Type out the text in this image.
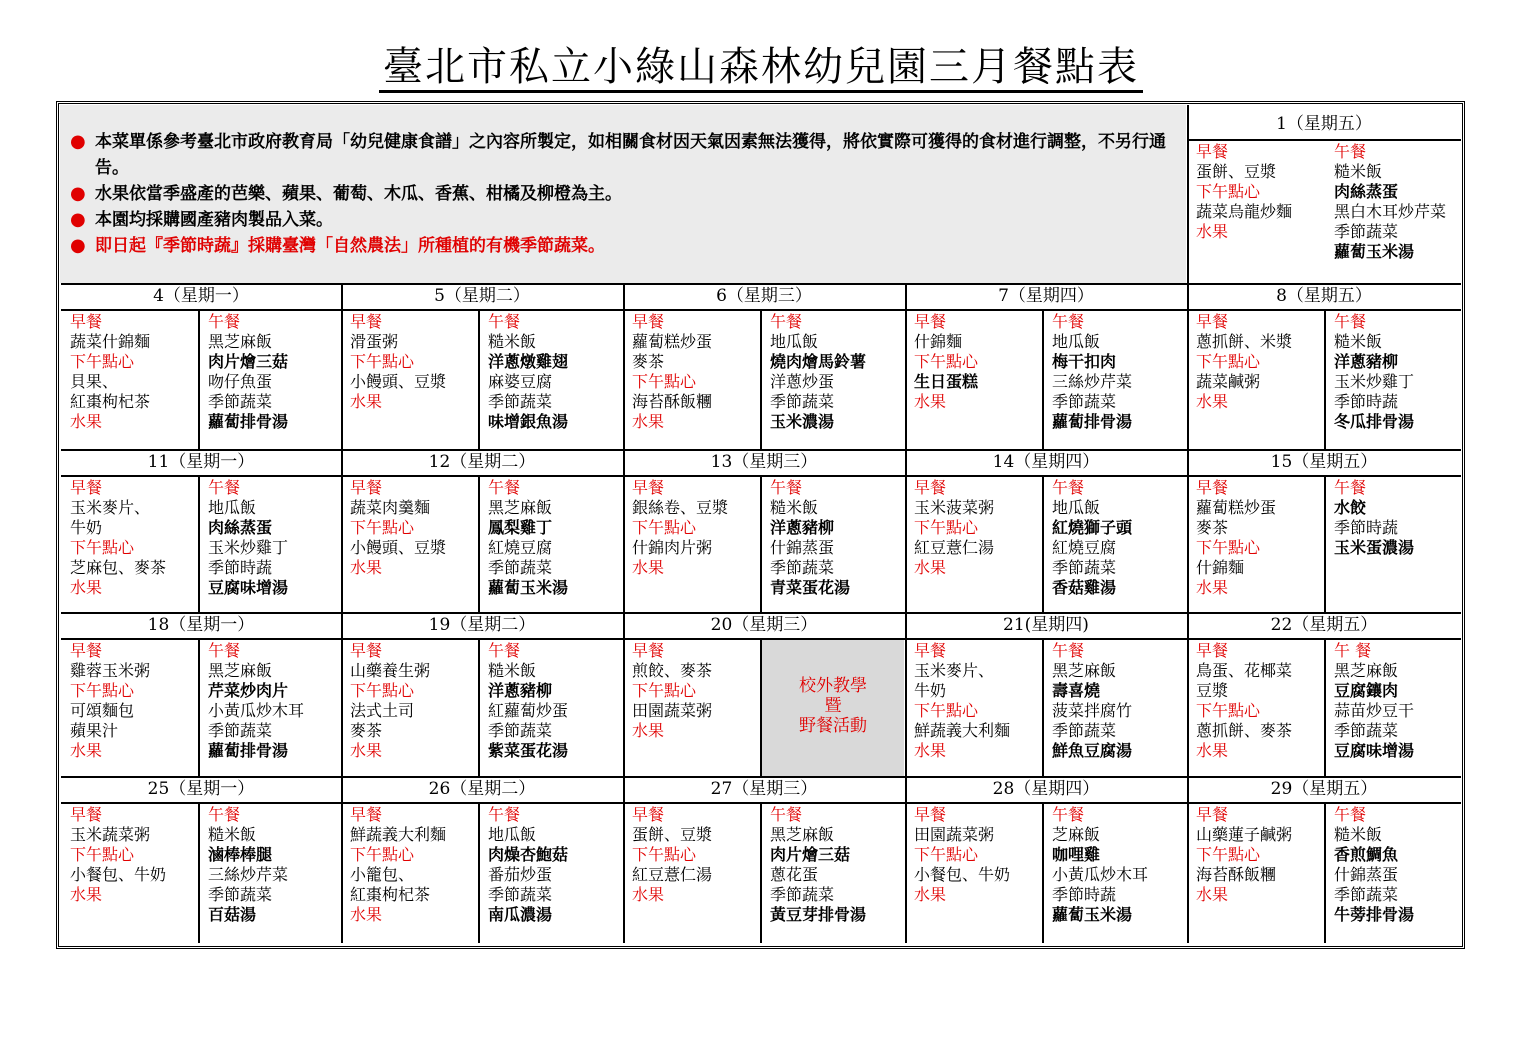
臺北市私立小綠山森林幼兒園三月餐點表
● 本菜單係參考臺北市政府教育局「幼兒健康食譜」之內容所製定，如相關食材因天氣因素無法獲得，將依實際可獲得的食材進行調整，不另行通告。
● 水果依當季盛產的芭樂、蘋果、葡萄、木瓜、香蕉、柑橘及柳橙為主。
● 本園均採購國產豬肉製品入菜。
● 即日起『季節時蔬』採購臺灣「自然農法」所種植的有機季節蔬菜。
1（星期五）
早餐
蛋餅、豆漿
下午點心
蔬菜烏龍炒麵
水果
午餐
糙米飯
肉絲蒸蛋
黑白木耳炒芹菜
季節蔬菜
蘿蔔玉米湯
4（星期一）
早餐
蔬菜什錦麵
下午點心
貝果、
紅棗枸杞茶
水果
午餐
黑芝麻飯
肉片燴三菇
吻仔魚蛋
季節蔬菜
蘿蔔排骨湯
5（星期二）
早餐
滑蛋粥
下午點心
小饅頭、豆漿
水果
午餐
糙米飯
洋蔥燉雞翅
麻婆豆腐
季節蔬菜
味增銀魚湯
6（星期三）
早餐
蘿蔔糕炒蛋
麥茶
下午點心
海苔酥飯糰
水果
午餐
地瓜飯
燒肉燴馬鈴薯
洋蔥炒蛋
季節蔬菜
玉米濃湯
7（星期四）
早餐
什錦麵
下午點心
生日蛋糕
水果
午餐
地瓜飯
梅干扣肉
三絲炒芹菜
季節蔬菜
蘿蔔排骨湯
8（星期五）
早餐
蔥抓餅、米漿
下午點心
蔬菜鹹粥
水果
午餐
糙米飯
洋蔥豬柳
玉米炒雞丁
季節時蔬
冬瓜排骨湯
11（星期一）
早餐
玉米麥片、
牛奶
下午點心
芝麻包、麥茶
水果
午餐
地瓜飯
肉絲蒸蛋
玉米炒雞丁
季節時蔬
豆腐味增湯
12（星期二）
早餐
蔬菜肉羹麵
下午點心
小饅頭、豆漿
水果
午餐
黑芝麻飯
鳳梨雞丁
紅燒豆腐
季節蔬菜
蘿蔔玉米湯
13（星期三）
早餐
銀絲卷、豆漿
下午點心
什錦肉片粥
水果
午餐
糙米飯
洋蔥豬柳
什錦蒸蛋
季節蔬菜
青菜蛋花湯
14（星期四）
早餐
玉米菠菜粥
下午點心
紅豆薏仁湯
水果
午餐
地瓜飯
紅燒獅子頭
紅燒豆腐
季節蔬菜
香菇雞湯
15（星期五）
早餐
蘿蔔糕炒蛋
麥茶
下午點心
什錦麵
水果
午餐
水餃
季節時蔬
玉米蛋濃湯
18（星期一）
早餐
雞蓉玉米粥
下午點心
可頌麵包
蘋果汁
水果
午餐
黑芝麻飯
芹菜炒肉片
小黃瓜炒木耳
季節蔬菜
蘿蔔排骨湯
19（星期二）
早餐
山藥養生粥
下午點心
法式土司
麥茶
水果
午餐
糙米飯
洋蔥豬柳
紅蘿蔔炒蛋
季節蔬菜
紫菜蛋花湯
20（星期三）
早餐
煎餃、麥茶
下午點心
田園蔬菜粥
水果
校外教學
暨
野餐活動
21(星期四)
早餐
玉米麥片、
牛奶
下午點心
鮮蔬義大利麵
水果
午餐
黑芝麻飯
壽喜燒
菠菜拌腐竹
季節蔬菜
鮮魚豆腐湯
22（星期五）
早餐
鳥蛋、花椰菜
豆漿
下午點心
蔥抓餅、麥茶
水果
午 餐
黑芝麻飯
豆腐鑲肉
蒜苗炒豆干
季節蔬菜
豆腐味增湯
25（星期一）
早餐
玉米蔬菜粥
下午點心
小餐包、牛奶
水果
午餐
糙米飯
滷棒棒腿
三絲炒芹菜
季節蔬菜
百菇湯
26（星期二）
早餐
鮮蔬義大利麵
下午點心
小籠包、
紅棗枸杞茶
水果
午餐
地瓜飯
肉燥杏鮑菇
番茄炒蛋
季節蔬菜
南瓜濃湯
27（星期三）
早餐
蛋餅、豆漿
下午點心
紅豆薏仁湯
水果
午餐
黑芝麻飯
肉片燴三菇
蔥花蛋
季節蔬菜
黃豆芽排骨湯
28（星期四）
早餐
田園蔬菜粥
下午點心
小餐包、牛奶
水果
午餐
芝麻飯
咖哩雞
小黃瓜炒木耳
季節時蔬
蘿蔔玉米湯
29（星期五）
早餐
山藥蓮子鹹粥
下午點心
海苔酥飯糰
水果
午餐
糙米飯
香煎鯛魚
什錦蒸蛋
季節蔬菜
牛蒡排骨湯
